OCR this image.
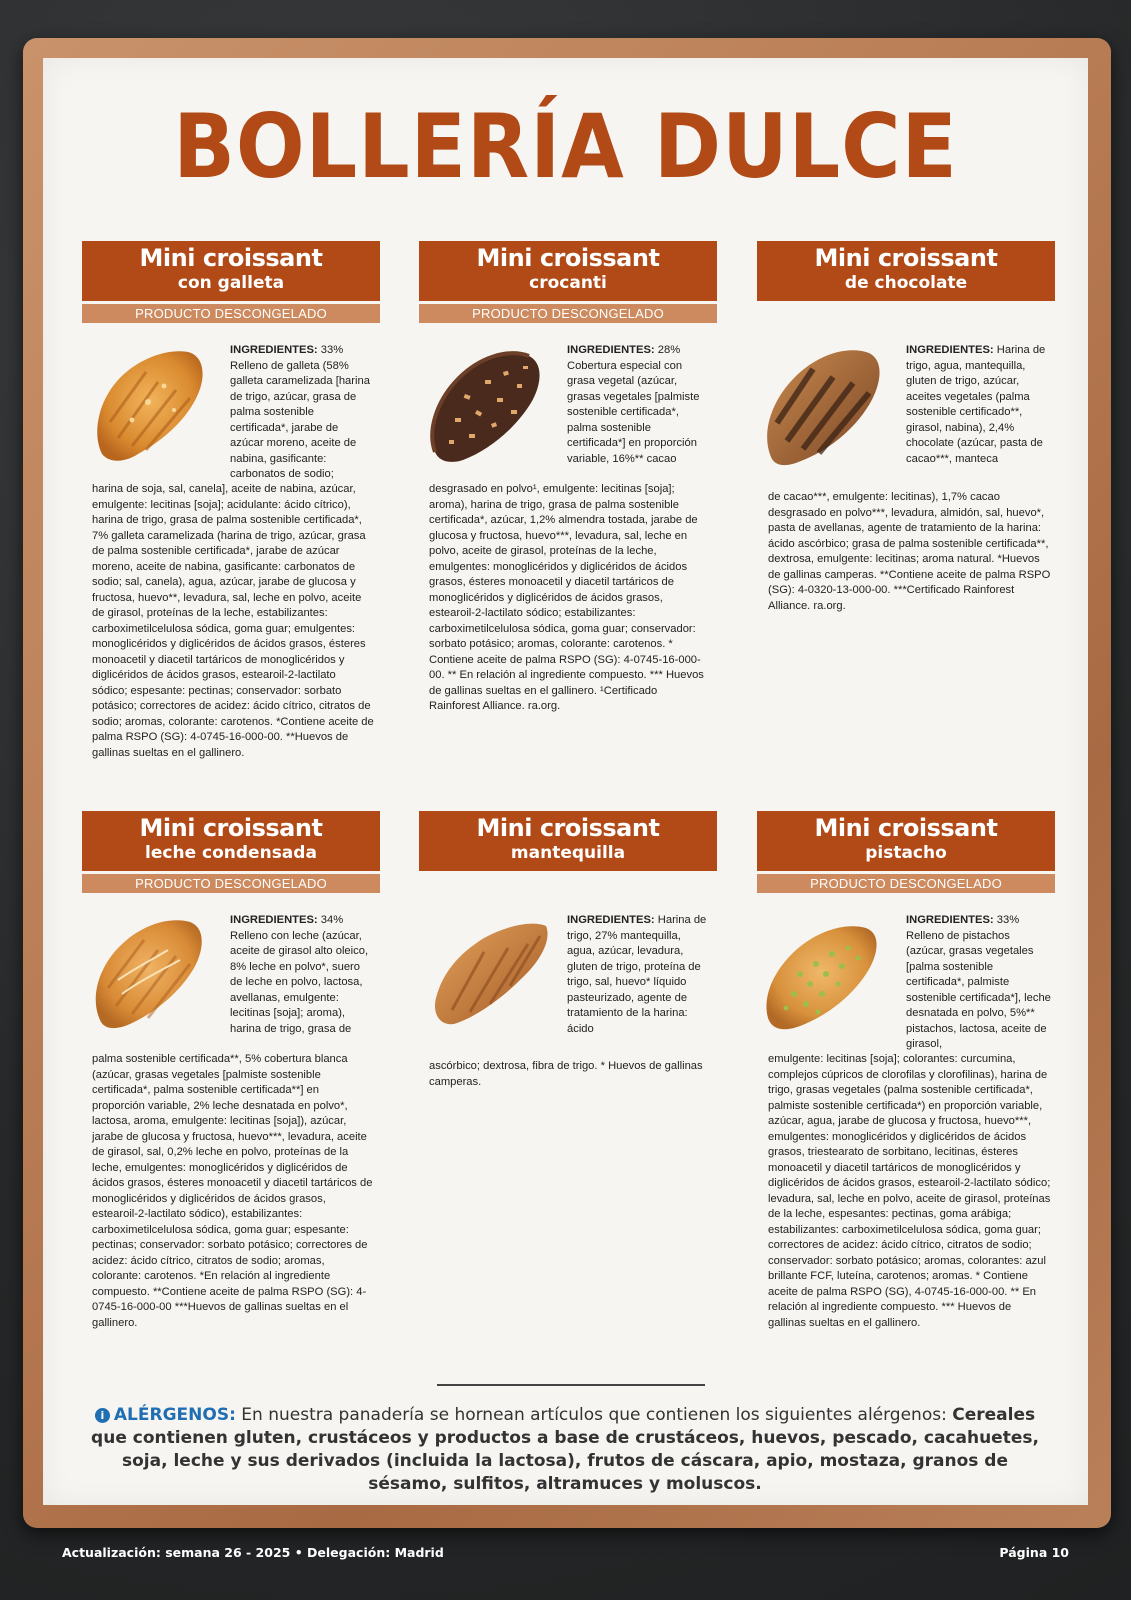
BOLLERÍA DULCE
Mini croissant
con galleta
PRODUCTO DESCONGELADO
INGREDIENTES: 33% Relleno de galleta (58% galleta caramelizada [harina de trigo, azúcar, grasa de palma sostenible certificada*, jarabe de azúcar moreno, aceite de nabina, gasificante: carbonatos de sodio;
harina de soja, sal, canela], aceite de nabina, azúcar, emulgente: lecitinas [soja]; acidulante: ácido cítrico), harina de trigo, grasa de palma sostenible certificada*, 7% galleta caramelizada (harina de trigo, azúcar, grasa de palma sostenible certificada*, jarabe de azúcar moreno, aceite de nabina, gasificante: carbonatos de sodio; sal, canela), agua, azúcar, jarabe de glucosa y fructosa, huevo**, levadura, sal, leche en polvo, aceite de girasol, proteínas de la leche, estabilizantes: carboximetilcelulosa sódica, goma guar; emulgentes: monoglicéridos y diglicéridos de ácidos grasos, ésteres monoacetil y diacetil tartáricos de monoglicéridos y diglicéridos de ácidos grasos, estearoil-2-lactilato sódico; espesante: pectinas; conservador: sorbato potásico; correctores de acidez: ácido cítrico, citratos de sodio; aromas, colorante: carotenos. *Contiene aceite de palma RSPO (SG): 4-0745-16-000-00. **Huevos de gallinas sueltas en el gallinero.
Mini croissant
crocanti
PRODUCTO DESCONGELADO
INGREDIENTES: 28% Cobertura especial con grasa vegetal (azúcar, grasas vegetales [palmiste sostenible certificada*, palma sostenible certificada*] en proporción variable, 16%** cacao
desgrasado en polvo¹, emulgente: lecitinas [soja]; aroma), harina de trigo, grasa de palma sostenible certificada*, azúcar, 1,2% almendra tostada, jarabe de glucosa y fructosa, huevo***, levadura, sal, leche en polvo, aceite de girasol, proteínas de la leche, emulgentes: monoglicéridos y diglicéridos de ácidos grasos, ésteres monoacetil y diacetil tartáricos de monoglicéridos y diglicéridos de ácidos grasos, estearoil-2-lactilato sódico; estabilizantes: carboximetilcelulosa sódica, goma guar; conservador: sorbato potásico; aromas, colorante: carotenos. * Contiene aceite de palma RSPO (SG): 4-0745-16-000-00. ** En relación al ingrediente compuesto. *** Huevos de gallinas sueltas en el gallinero. ¹Certificado Rainforest Alliance. ra.org.
Mini croissant
de chocolate
INGREDIENTES: Harina de trigo, agua, mantequilla, gluten de trigo, azúcar, aceites vegetales (palma sostenible certificado**, girasol, nabina), 2,4% chocolate (azúcar, pasta de cacao***, manteca
de cacao***, emulgente: lecitinas), 1,7% cacao desgrasado en polvo***, levadura, almidón, sal, huevo*, pasta de avellanas, agente de tratamiento de la harina: ácido ascórbico; grasa de palma sostenible certificada**, dextrosa, emulgente: lecitinas; aroma natural. *Huevos de gallinas camperas. **Contiene aceite de palma RSPO (SG): 4-0320-13-000-00. ***Certificado Rainforest Alliance. ra.org.
Mini croissant
leche condensada
PRODUCTO DESCONGELADO
INGREDIENTES: 34% Relleno con leche (azúcar, aceite de girasol alto oleico, 8% leche en polvo*, suero de leche en polvo, lactosa, avellanas, emulgente: lecitinas [soja]; aroma), harina de trigo, grasa de
palma sostenible certificada**, 5% cobertura blanca (azúcar, grasas vegetales [palmiste sostenible certificada*, palma sostenible certificada**] en proporción variable, 2% leche desnatada en polvo*, lactosa, aroma, emulgente: lecitinas [soja]), azúcar, jarabe de glucosa y fructosa, huevo***, levadura, aceite de girasol, sal, 0,2% leche en polvo, proteínas de la leche, emulgentes: monoglicéridos y diglicéridos de ácidos grasos, ésteres monoacetil y diacetil tartáricos de monoglicéridos y diglicéridos de ácidos grasos, estearoil-2-lactilato sódico), estabilizantes: carboximetilcelulosa sódica, goma guar; espesante: pectinas; conservador: sorbato potásico; correctores de acidez: ácido cítrico, citratos de sodio; aromas, colorante: carotenos. *En relación al ingrediente compuesto. **Contiene aceite de palma RSPO (SG): 4-0745-16-000-00 ***Huevos de gallinas sueltas en el gallinero.
Mini croissant
mantequilla
INGREDIENTES: Harina de trigo, 27% mantequilla, agua, azúcar, levadura, gluten de trigo, proteína de trigo, sal, huevo* líquido pasteurizado, agente de tratamiento de la harina: ácido
ascórbico; dextrosa, fibra de trigo. * Huevos de gallinas camperas.
Mini croissant
pistacho
PRODUCTO DESCONGELADO
INGREDIENTES: 33% Relleno de pistachos (azúcar, grasas vegetales [palma sostenible certificada*, palmiste sostenible certificada*], leche desnatada en polvo, 5%** pistachos, lactosa, aceite de girasol,
emulgente: lecitinas [soja]; colorantes: curcumina, complejos cúpricos de clorofilas y clorofilinas), harina de trigo, grasas vegetales (palma sostenible certificada*, palmiste sostenible certificada*) en proporción variable, azúcar, agua, jarabe de glucosa y fructosa, huevo***, emulgentes: monoglicéridos y diglicéridos de ácidos grasos, triestearato de sorbitano, lecitinas, ésteres monoacetil y diacetil tartáricos de monoglicéridos y diglicéridos de ácidos grasos, estearoil-2-lactilato sódico; levadura, sal, leche en polvo, aceite de girasol, proteínas de la leche, espesantes: pectinas, goma arábiga; estabilizantes: carboximetilcelulosa sódica, goma guar; correctores de acidez: ácido cítrico, citratos de sodio; conservador: sorbato potásico; aromas, colorantes: azul brillante FCF, luteína, carotenos; aromas. * Contiene aceite de palma RSPO (SG), 4-0745-16-000-00. ** En relación al ingrediente compuesto. *** Huevos de gallinas sueltas en el gallinero.
i ALÉRGENOS: En nuestra panadería se hornean artículos que contienen los siguientes alérgenos: Cereales que contienen gluten, crustáceos y productos a base de crustáceos, huevos, pescado, cacahuetes, soja, leche y sus derivados (incluida la lactosa), frutos de cáscara, apio, mostaza, granos de sésamo, sulfitos, altramuces y moluscos.
Actualización: semana 26 - 2025 • Delegación: Madrid	Página 10
